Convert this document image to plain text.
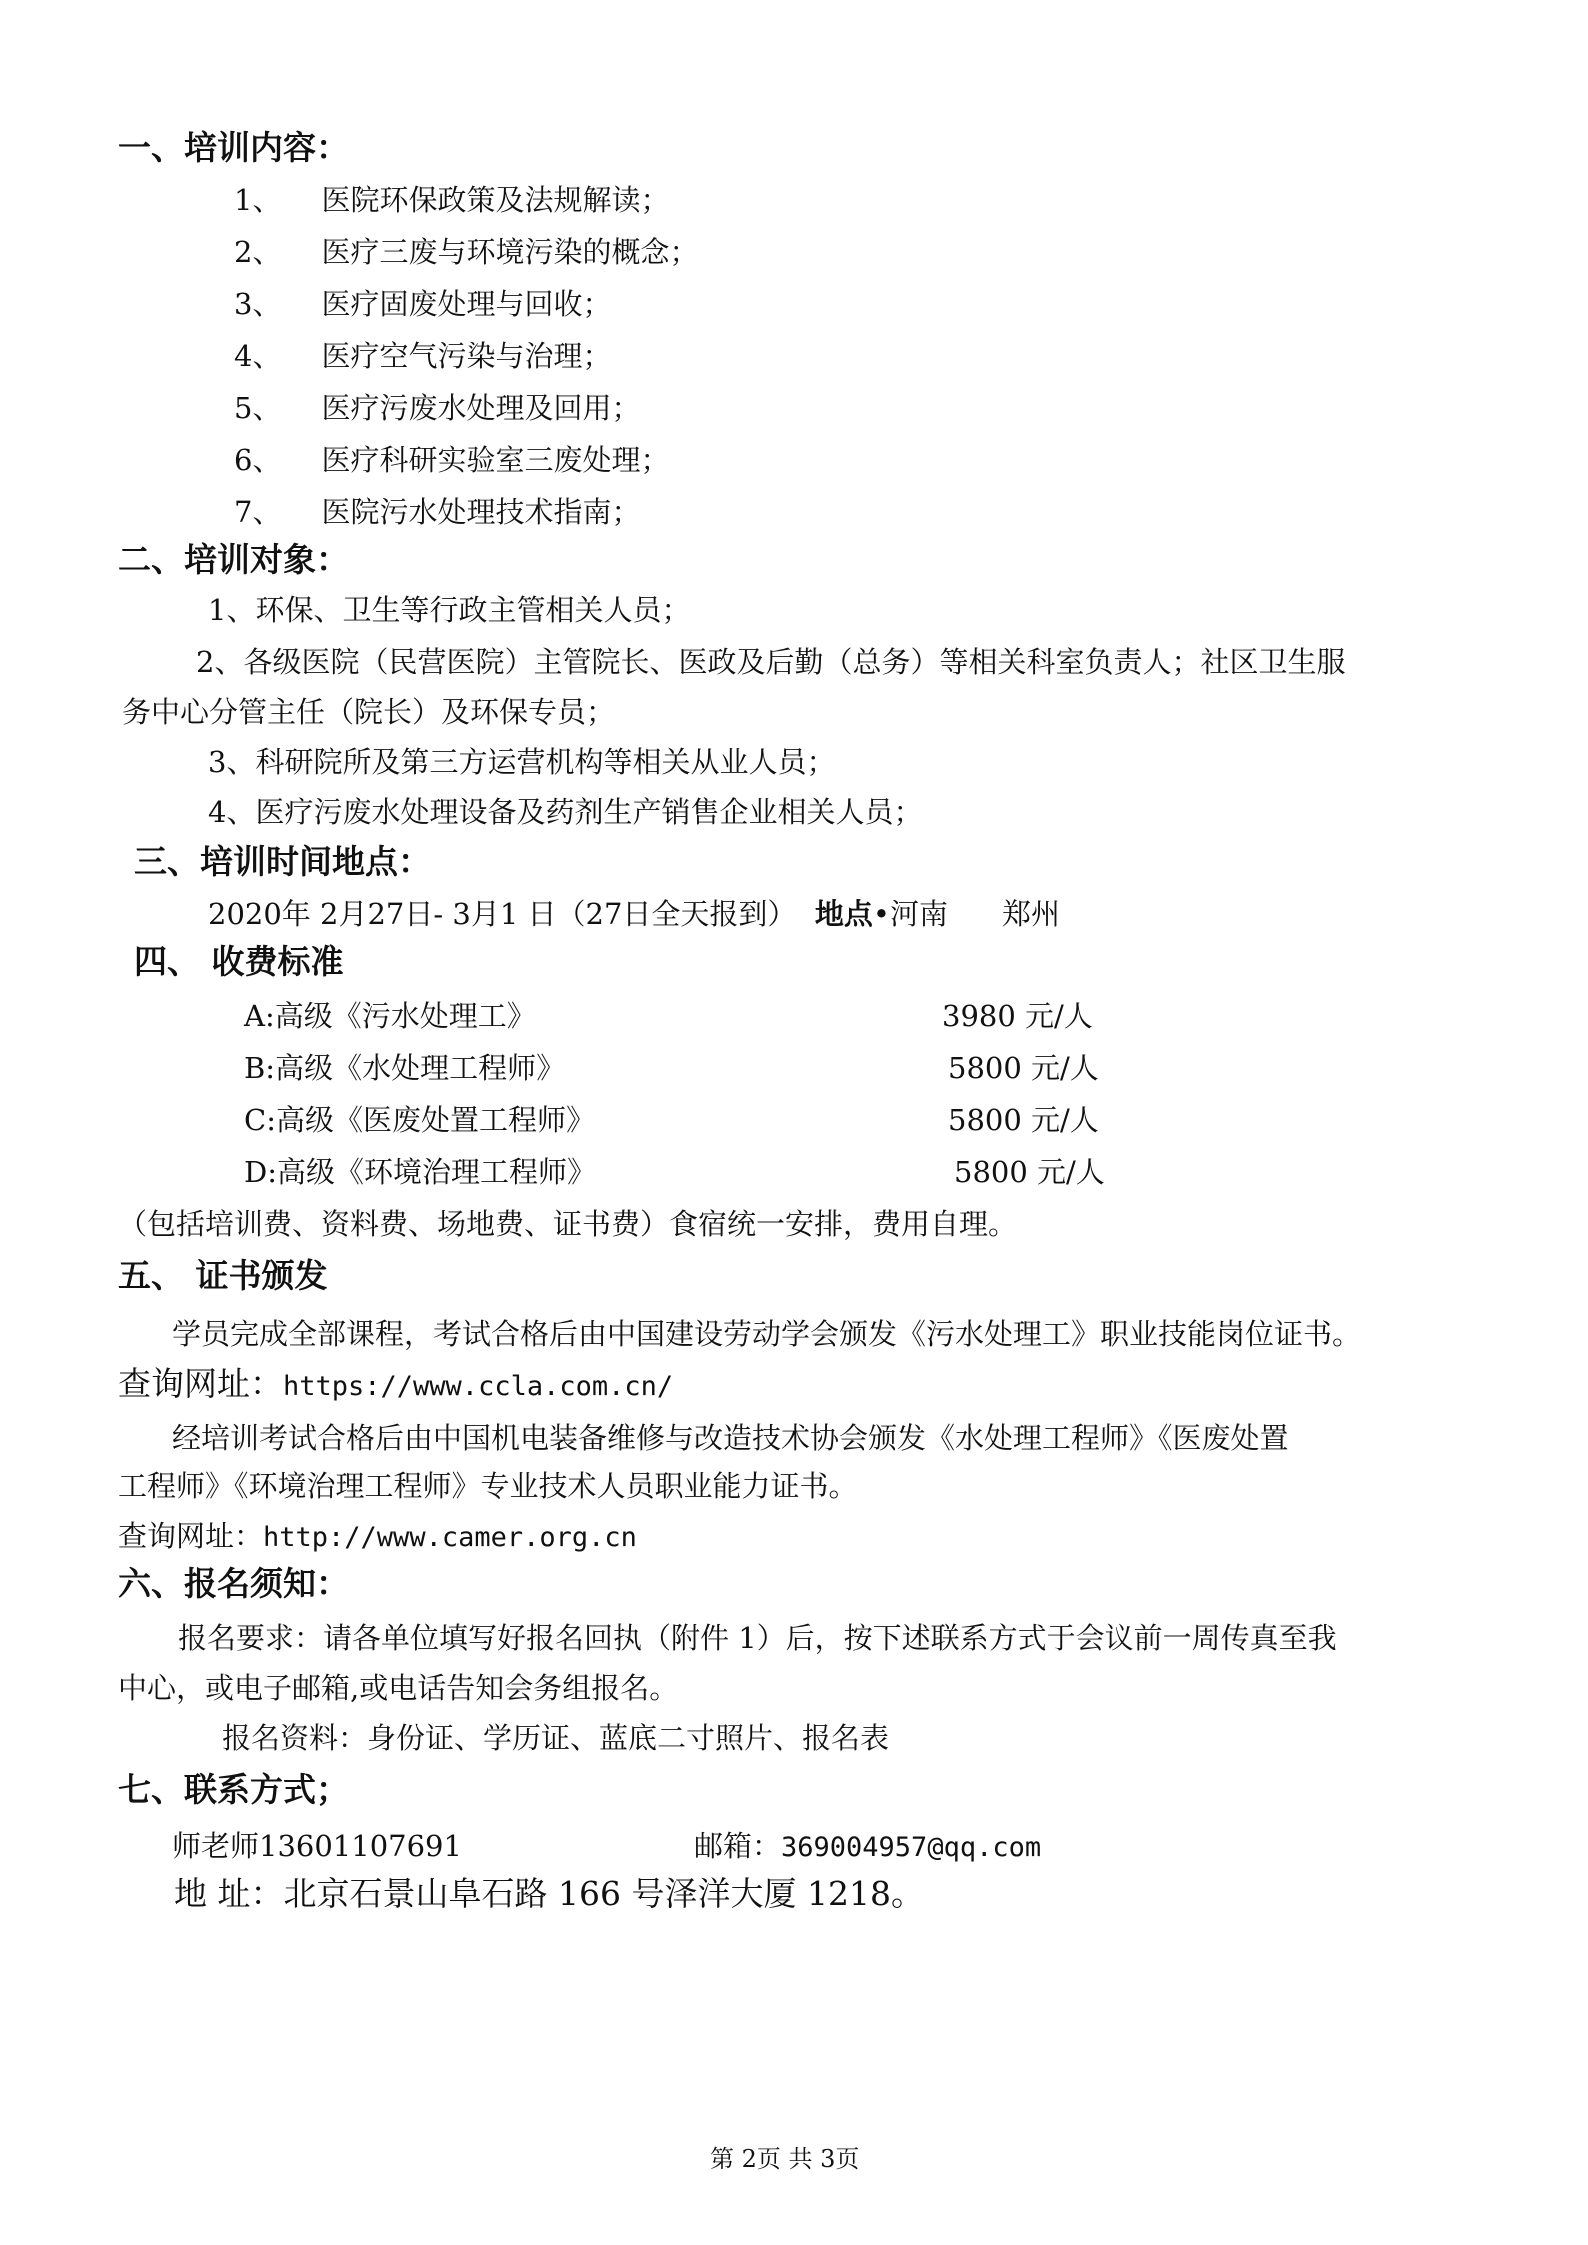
一、培训内容：
1、 医院环保政策及法规解读；
2、 医疗三废与环境污染的概念；
3、 医疗固废处理与回收；
4、 医疗空气污染与治理；
5、 医疗污废水处理及回用；
6、 医疗科研实验室三废处理；
7、 医院污水处理技术指南；
二、培训对象：
1、环保、卫生等行政主管相关人员；
2、各级医院（民营医院）主管院长、医政及后勤（总务）等相关科室负责人；社区卫生服
务中心分管主任（院长）及环保专员；
3、科研院所及第三方运营机构等相关从业人员；
4、医疗污废水处理设备及药剂生产销售企业相关人员；
三、培训时间地点：
2020年 2月27日- 3月1 日（27日全天报到） 地点•河南 郑州
四、 收费标准
A:高级《污水处理工》	3980 元/人
B:高级《水处理工程师》	5800 元/人
C:高级《医废处置工程师》	5800 元/人
D:高级《环境治理工程师》	5800 元/人
（包括培训费、资料费、场地费、证书费）食宿统一安排，费用自理。
五、 证书颁发
学员完成全部课程，考试合格后由中国建设劳动学会颁发《污水处理工》职业技能岗位证书。
查询网址：https://www.ccla.com.cn/
经培训考试合格后由中国机电装备维修与改造技术协会颁发《水处理工程师》《医废处置
工程师》《环境治理工程师》专业技术人员职业能力证书。
查询网址：http://www.camer.org.cn
六、报名须知：
报名要求：请各单位填写好报名回执（附件 1）后，按下述联系方式于会议前一周传真至我
中心，或电子邮箱,或电话告知会务组报名。
报名资料：身份证、学历证、蓝底二寸照片、报名表
七、联系方式；
师老师13601107691	邮箱：369004957@qq.com
地 址：北京石景山阜石路 166 号泽洋大厦 1218。
第 2页 共 3页
